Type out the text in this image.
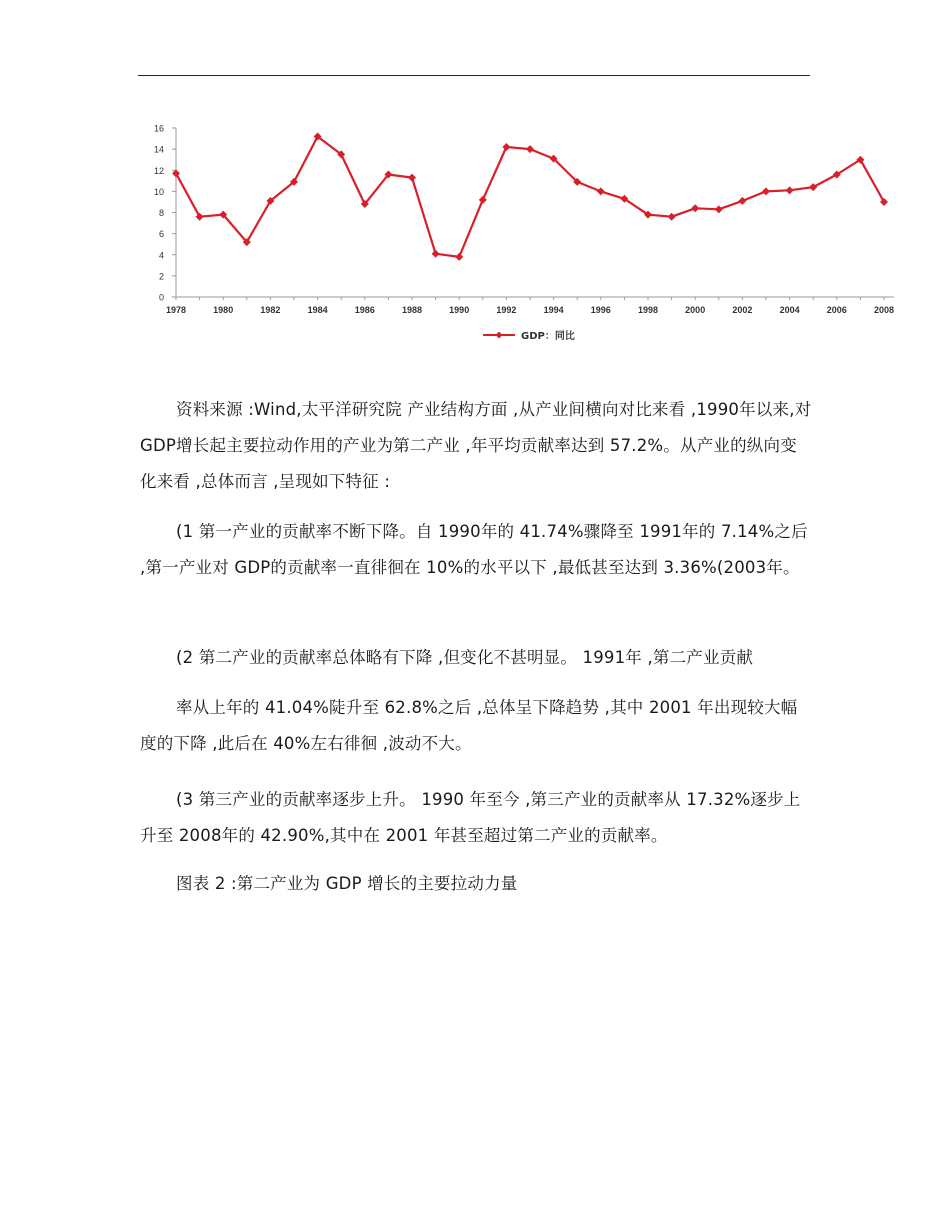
0
2
4
6
8
10
12
14
16
1978	1980	1982	1984	1986	1988	1990	1992	1994	1996	1998	2000	2002	2004	2006	2008
GDP：同比

资料来源 :Wind,太平洋研究院 产业结构方面 ,从产业间横向对比来看 ,1990年以来,对 GDP增长起主要拉动作用的产业为第二产业 ,年平均贡献率达到 57.2%。从产业的纵向变化来看 ,总体而言 ,呈现如下特征 :

(1 第一产业的贡献率不断下降。自 1990年的 41.74%骤降至 1991年的 7.14%之后 ,第一产业对 GDP的贡献率一直徘徊在 10%的水平以下 ,最低甚至达到 3.36%(2003年。

(2 第二产业的贡献率总体略有下降 ,但变化不甚明显。 1991年 ,第二产业贡献

率从上年的 41.04%陡升至 62.8%之后 ,总体呈下降趋势 ,其中 2001 年出现较大幅度的下降 ,此后在 40%左右徘徊 ,波动不大。

(3 第三产业的贡献率逐步上升。 1990 年至今 ,第三产业的贡献率从 17.32%逐步上升至 2008年的 42.90%,其中在 2001 年甚至超过第二产业的贡献率。

图表 2 :第二产业为 GDP 增长的主要拉动力量
